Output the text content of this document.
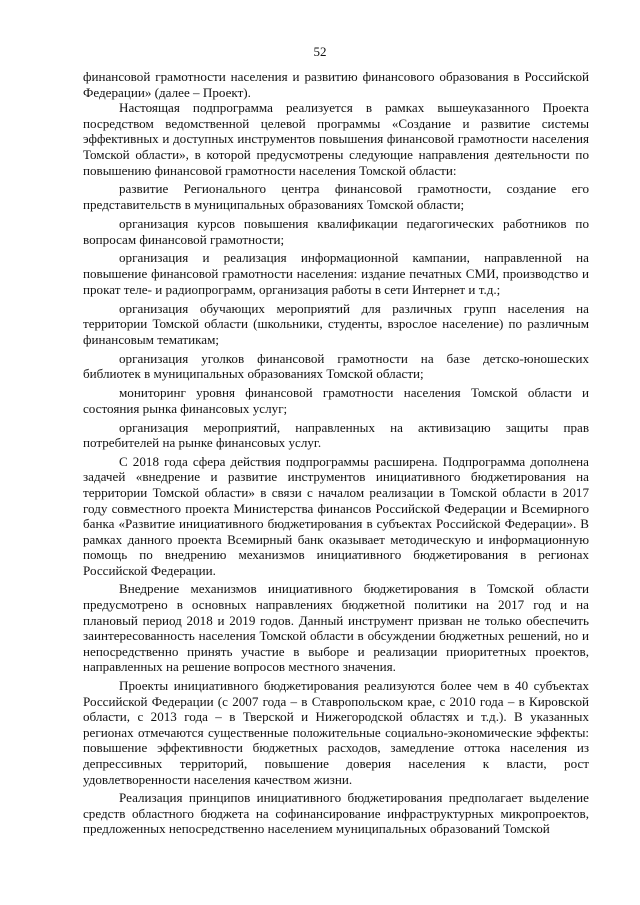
52

финансовой грамотности населения и развитию финансового образования в Российской Федерации» (далее – Проект).

Настоящая подпрограмма реализуется в рамках вышеуказанного Проекта посредством ведомственной целевой программы «Создание и развитие системы эффективных и доступных инструментов повышения финансовой грамотности населения Томской области», в которой предусмотрены следующие направления деятельности по повышению финансовой грамотности населения Томской области:

развитие Регионального центра финансовой грамотности, создание его представительств в муниципальных образованиях Томской области;

организация курсов повышения квалификации педагогических работников по вопросам финансовой грамотности;

организация и реализация информационной кампании, направленной на повышение финансовой грамотности населения: издание печатных СМИ, производство и прокат теле- и радиопрограмм, организация работы в сети Интернет и т.д.;

организация обучающих мероприятий для различных групп населения на территории Томской области (школьники, студенты, взрослое население) по различным финансовым тематикам;

организация уголков финансовой грамотности на базе детско-юношеских библиотек в муниципальных образованиях Томской области;

мониторинг уровня финансовой грамотности населения Томской области и состояния рынка финансовых услуг;

организация мероприятий, направленных на активизацию защиты прав потребителей на рынке финансовых услуг.

С 2018 года сфера действия подпрограммы расширена. Подпрограмма дополнена задачей «внедрение и развитие инструментов инициативного бюджетирования на территории Томской области» в связи с началом реализации в Томской области в 2017 году совместного проекта Министерства финансов Российской Федерации и Всемирного банка «Развитие инициативного бюджетирования в субъектах Российской Федерации». В рамках данного проекта Всемирный банк оказывает методическую и информационную помощь по внедрению механизмов инициативного бюджетирования в регионах Российской Федерации.

Внедрение механизмов инициативного бюджетирования в Томской области предусмотрено в основных направлениях бюджетной политики на 2017 год и на плановый период 2018 и 2019 годов. Данный инструмент призван не только обеспечить заинтересованность населения Томской области в обсуждении бюджетных решений, но и непосредственно принять участие в выборе и реализации приоритетных проектов, направленных на решение вопросов местного значения.

Проекты инициативного бюджетирования реализуются более чем в 40 субъектах Российской Федерации (с 2007 года – в Ставропольском крае, с 2010 года – в Кировской области, с 2013 года – в Тверской и Нижегородской областях и т.д.). В указанных регионах отмечаются существенные положительные социально-экономические эффекты: повышение эффективности бюджетных расходов, замедление оттока населения из депрессивных территорий, повышение доверия населения к власти, рост удовлетворенности населения качеством жизни.

Реализация принципов инициативного бюджетирования предполагает выделение средств областного бюджета на софинансирование инфраструктурных микропроектов, предложенных непосредственно населением муниципальных образований Томской
